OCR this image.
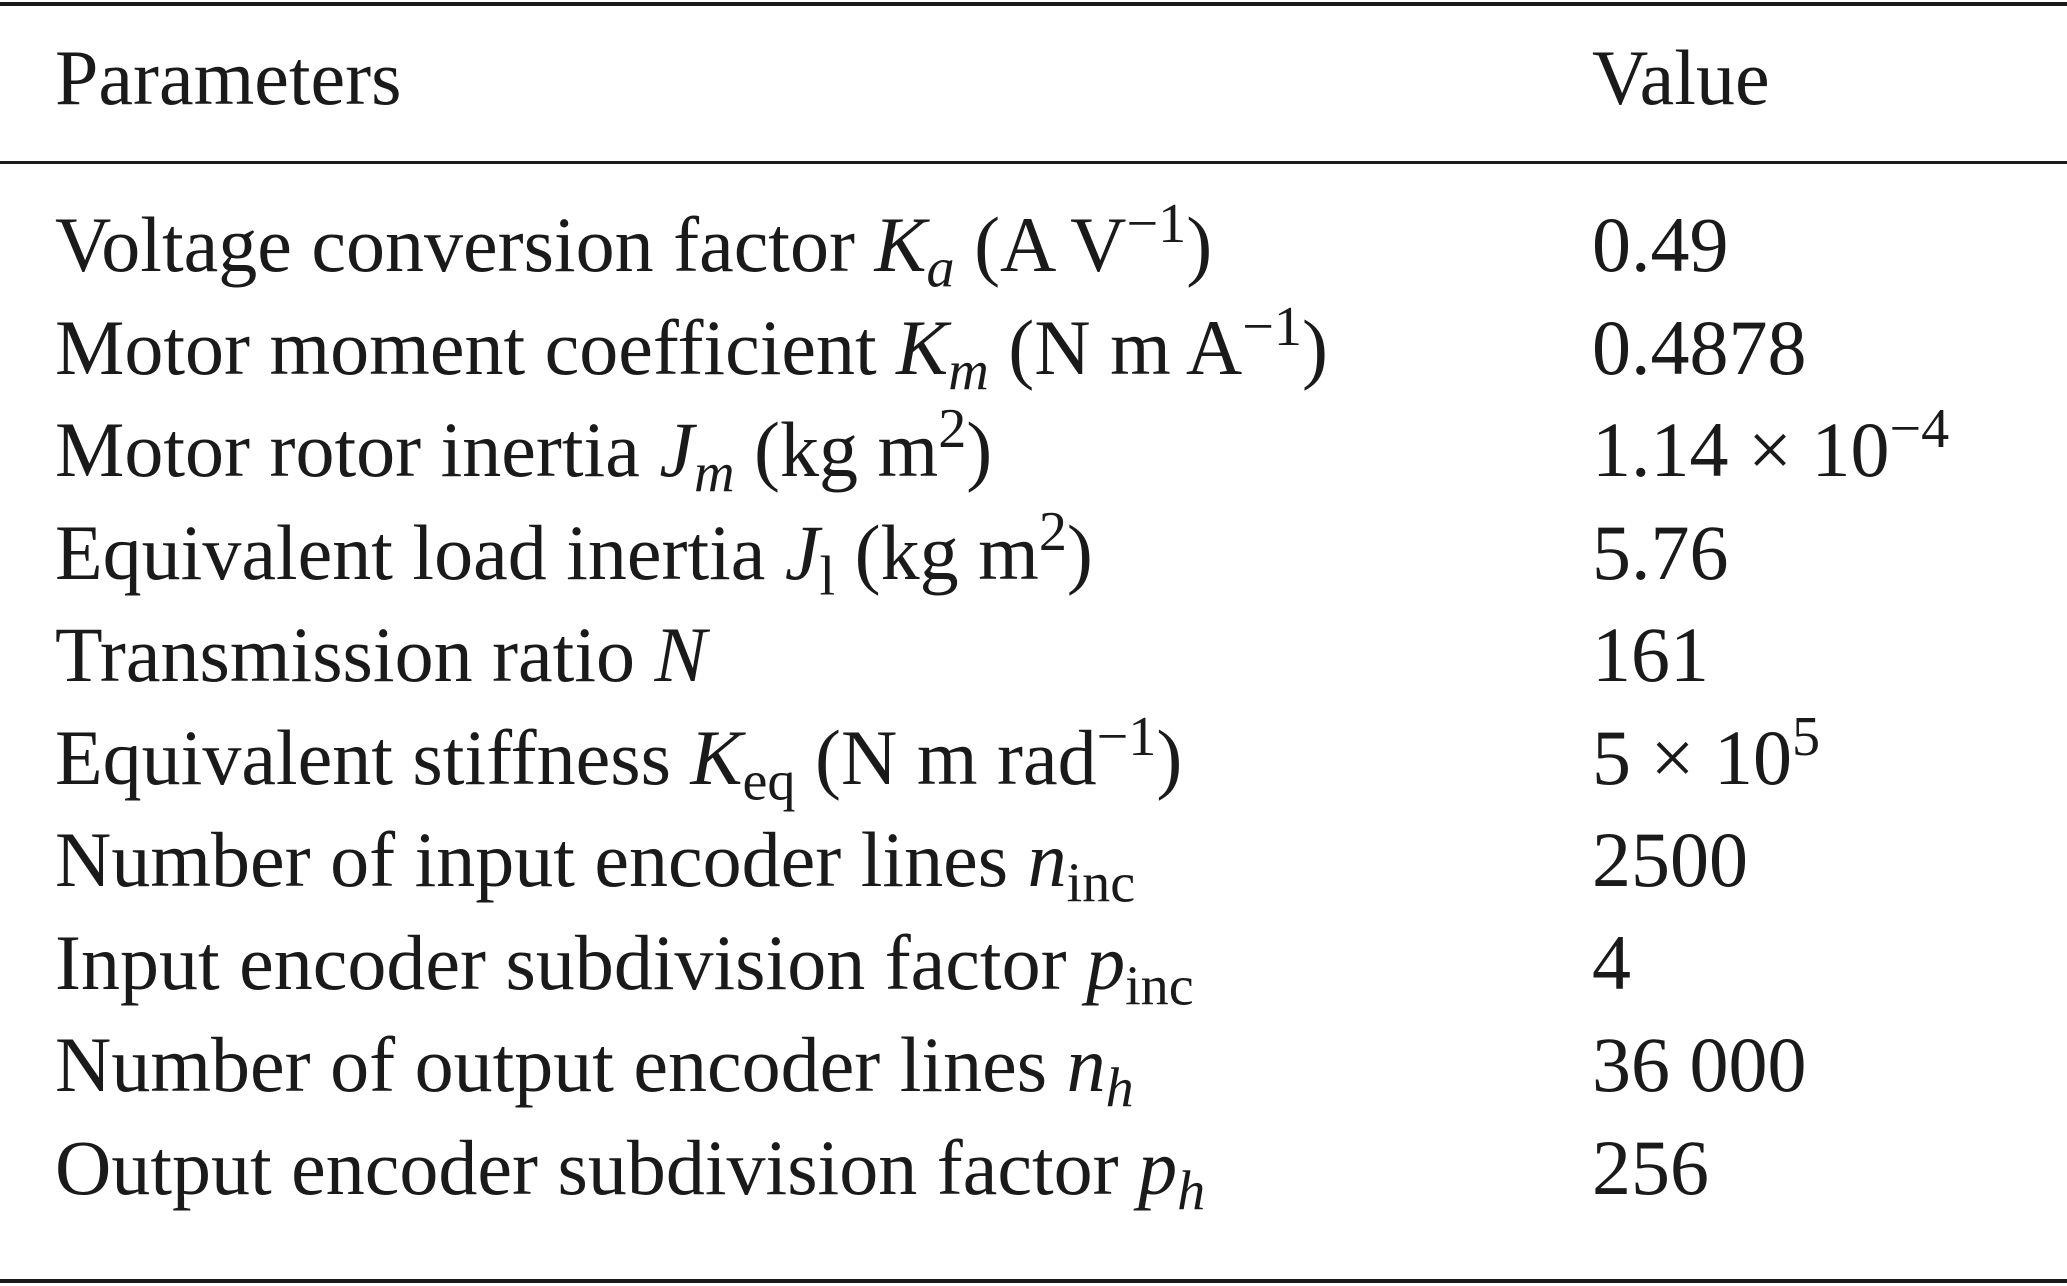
Parameters	Value
Voltage conversion factor $K_a$ (A $V^{-1}$)	0.49
Motor moment coefficient $K_m$ (N m $A^{-1}$)	0.4878
Motor rotor inertia $J_m$ (kg $m^2$)	$1.14 \times 10^{-4}$
Equivalent load inertia $J_l$ (kg $m^2$)	5.76
Transmission ratio N	161
Equivalent stiffness $K_{eq}$ (N m rad$^{-1}$)	$5 \times 10^5$
Number of input encoder lines $n_{inc}$	2500
Input encoder subdivision factor $p_{inc}$	4
Number of output encoder lines $n_h$	36 000
Output encoder subdivision factor $p_h$	256
